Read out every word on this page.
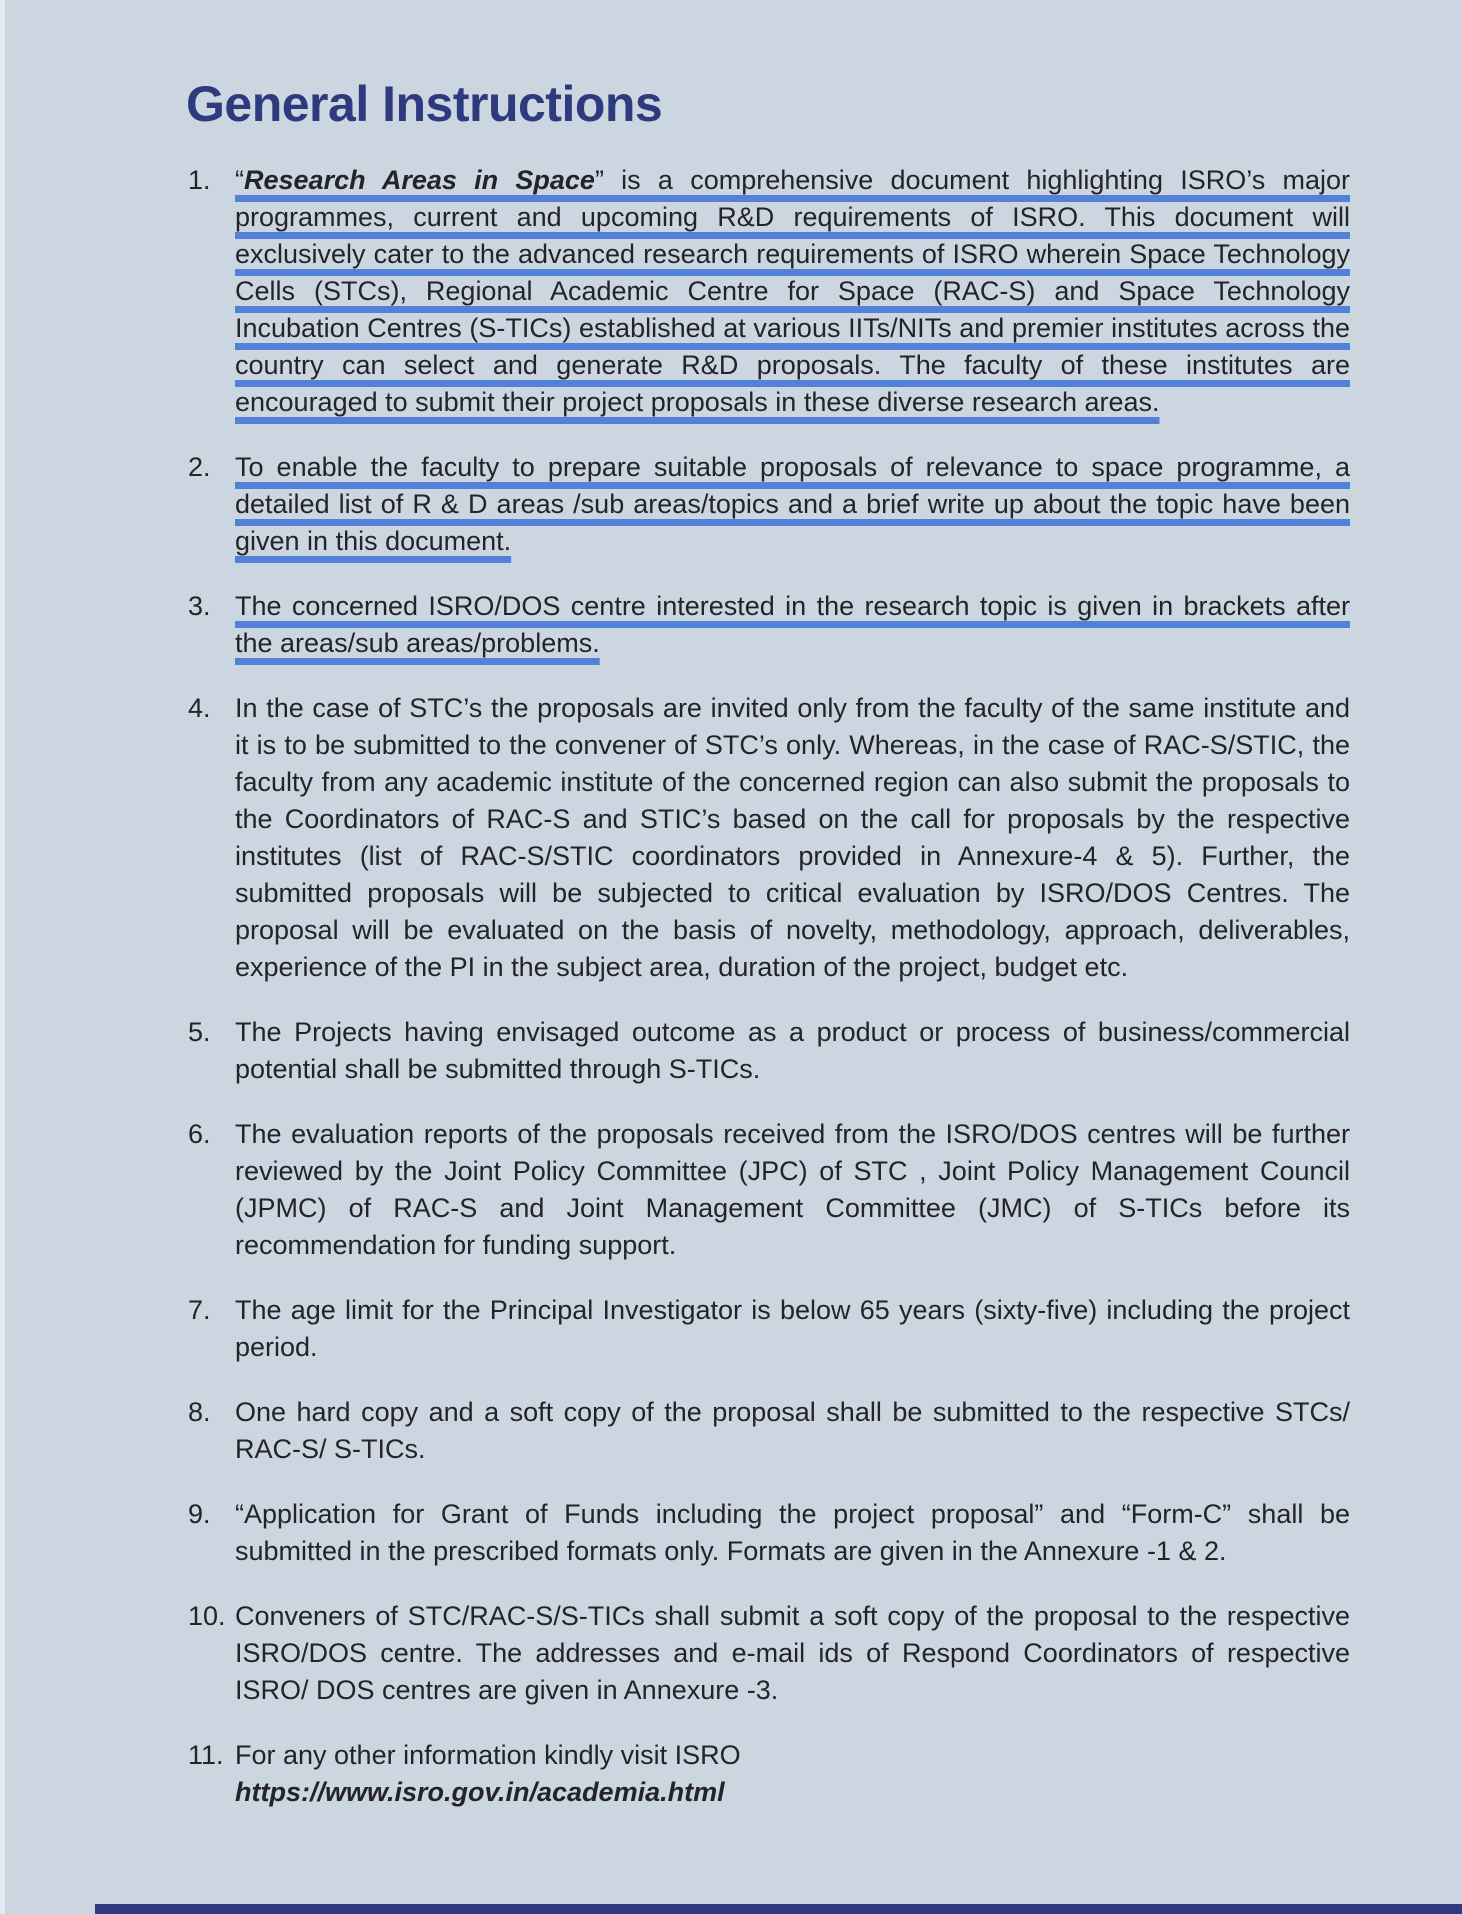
General Instructions
1. “Research Areas in Space” is a comprehensive document highlighting ISRO’s major programmes, current and upcoming R&D requirements of ISRO. This document will exclusively cater to the advanced research requirements of ISRO wherein Space Technology Cells (STCs), Regional Academic Centre for Space (RAC-S) and Space Technology Incubation Centres (S-TICs) established at various IITs/NITs and premier institutes across the country can select and generate R&D proposals. The faculty of these institutes are encouraged to submit their project proposals in these diverse research areas.

2. To enable the faculty to prepare suitable proposals of relevance to space programme, a detailed list of R & D areas /sub areas/topics and a brief write up about the topic have been given in this document.

3. The concerned ISRO/DOS centre interested in the research topic is given in brackets after the areas/sub areas/problems.

4. In the case of STC’s the proposals are invited only from the faculty of the same institute and it is to be submitted to the convener of STC’s only. Whereas, in the case of RAC-S/STIC, the faculty from any academic institute of the concerned region can also submit the proposals to the Coordinators of RAC-S and STIC’s based on the call for proposals by the respective institutes (list of RAC-S/STIC coordinators provided in Annexure-4 & 5). Further, the submitted proposals will be subjected to critical evaluation by ISRO/DOS Centres. The proposal will be evaluated on the basis of novelty, methodology, approach, deliverables, experience of the PI in the subject area, duration of the project, budget etc.

5. The Projects having envisaged outcome as a product or process of business/commercial potential shall be submitted through S-TICs.

6. The evaluation reports of the proposals received from the ISRO/DOS centres will be further reviewed by the Joint Policy Committee (JPC) of STC , Joint Policy Management Council (JPMC) of RAC-S and Joint Management Committee (JMC) of S-TICs before its recommendation for funding support.

7. The age limit for the Principal Investigator is below 65 years (sixty-five) including the project period.

8. One hard copy and a soft copy of the proposal shall be submitted to the respective STCs/ RAC-S/ S-TICs.

9. “Application for Grant of Funds including the project proposal” and “Form-C” shall be submitted in the prescribed formats only. Formats are given in the Annexure -1 & 2.

10. Conveners of STC/RAC-S/S-TICs shall submit a soft copy of the proposal to the respective ISRO/DOS centre. The addresses and e-mail ids of Respond Coordinators of respective ISRO/ DOS centres are given in Annexure -3.

11. For any other information kindly visit ISRO
https://www.isro.gov.in/academia.html
